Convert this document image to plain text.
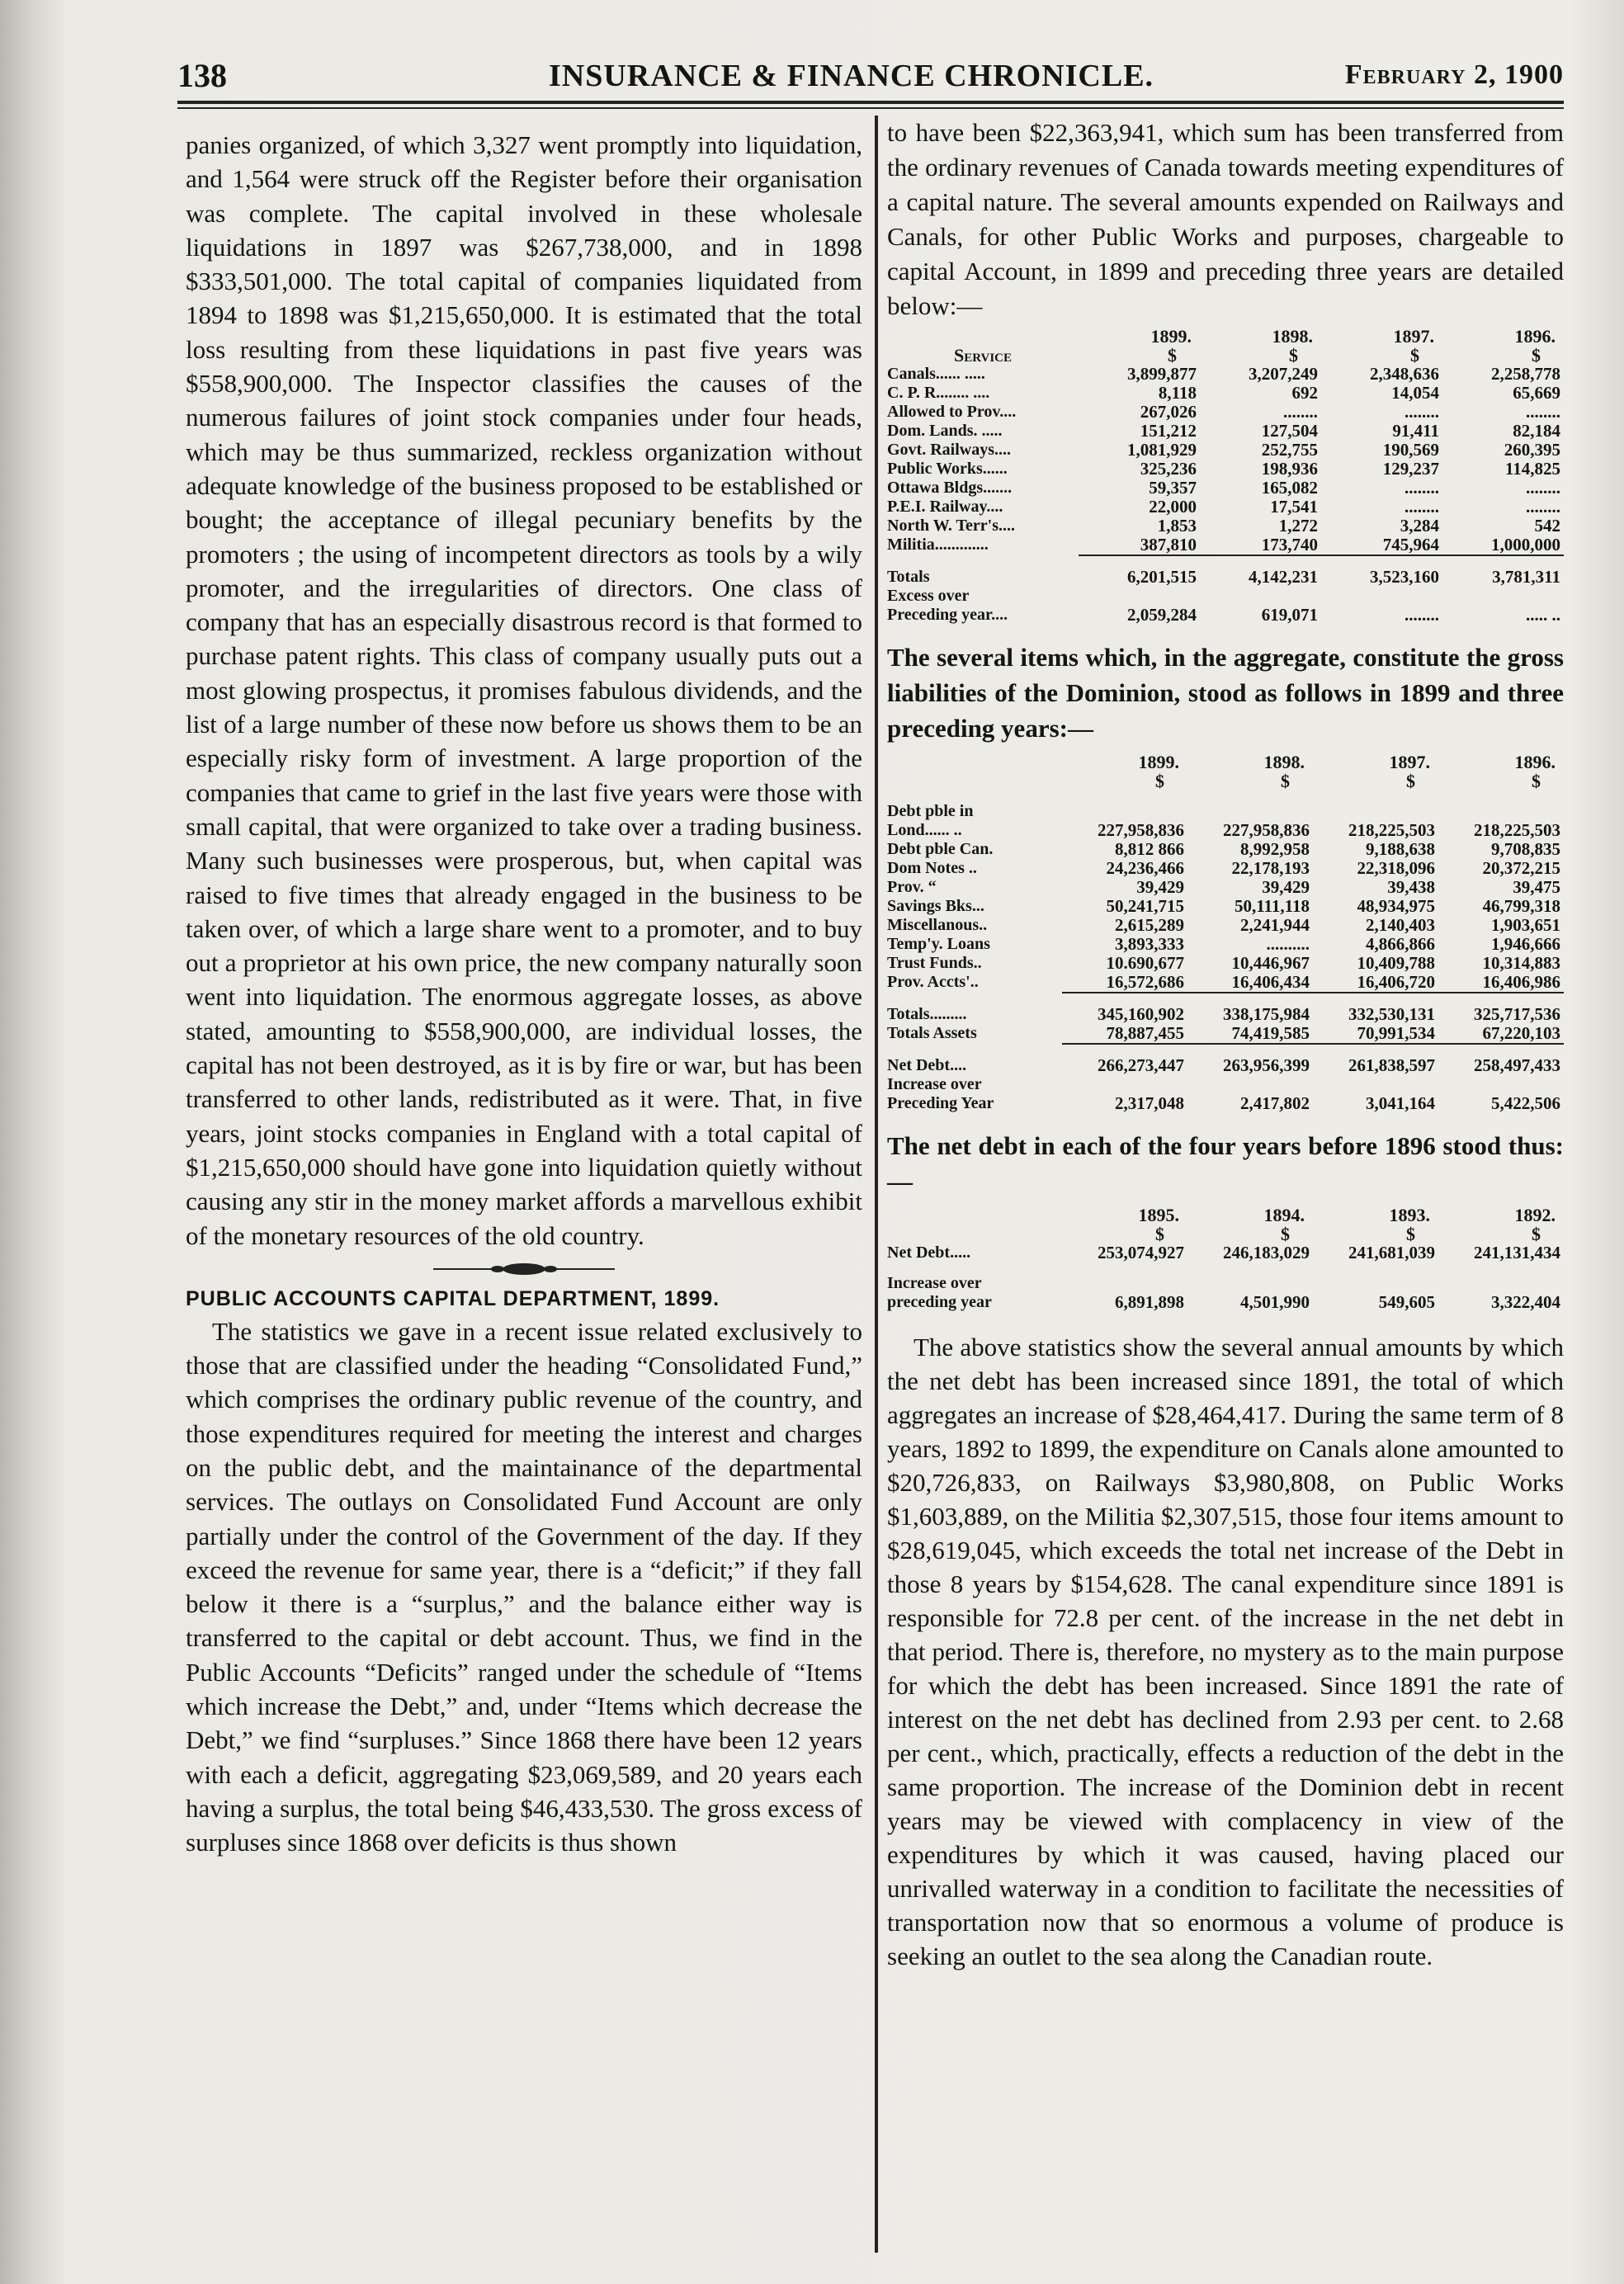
138	INSURANCE & FINANCE CHRONICLE.	February 2, 1900

panies organized, of which 3,327 went promptly into liquidation, and 1,564 were struck off the Register before their organisation was complete. The capital involved in these wholesale liquidations in 1897 was $267,738,000, and in 1898 $333,501,000. The total capital of companies liquidated from 1894 to 1898 was $1,215,650,000. It is estimated that the total loss resulting from these liquidations in past five years was $558,900,000. The Inspector classifies the causes of the numerous failures of joint stock companies under four heads, which may be thus summarized, reckless organization without adequate knowledge of the business proposed to be established or bought; the acceptance of illegal pecuniary benefits by the promoters ; the using of incompetent directors as tools by a wily promoter, and the irregularities of directors. One class of company that has an especially disastrous record is that formed to purchase patent rights. This class of company usually puts out a most glowing prospectus, it promises fabulous dividends, and the list of a large number of these now before us shows them to be an especially risky form of investment. A large proportion of the companies that came to grief in the last five years were those with small capital, that were organized to take over a trading business. Many such businesses were prosperous, but, when capital was raised to five times that already engaged in the business to be taken over, of which a large share went to a promoter, and to buy out a proprietor at his own price, the new company naturally soon went into liquidation. The enormous aggregate losses, as above stated, amounting to $558,900,000, are individual losses, the capital has not been destroyed, as it is by fire or war, but has been transferred to other lands, redistributed as it were. That, in five years, joint stocks companies in England with a total capital of $1,215,650,000 should have gone into liquidation quietly without causing any stir in the money market affords a marvellous exhibit of the monetary resources of the old country.

PUBLIC ACCOUNTS CAPITAL DEPARTMENT, 1899.

The statistics we gave in a recent issue related exclusively to those that are classified under the heading “Consolidated Fund,” which comprises the ordinary public revenue of the country, and those expenditures required for meeting the interest and charges on the public debt, and the maintainance of the departmental services. The outlays on Consolidated Fund Account are only partially under the control of the Government of the day. If they exceed the revenue for same year, there is a “deficit;” if they fall below it there is a “surplus,” and the balance either way is transferred to the capital or debt account. Thus, we find in the Public Accounts “Deficits” ranged under the schedule of “Items which increase the Debt,” and, under “Items which decrease the Debt,” we find “surpluses.” Since 1868 there have been 12 years with each a deficit, aggregating $23,069,589, and 20 years each having a surplus, the total being $46,433,530. The gross excess of surpluses since 1868 over deficits is thus shown

to have been $22,363,941, which sum has been transferred from the ordinary revenues of Canada towards meeting expenditures of a capital nature. The several amounts expended on Railways and Canals, for other Public Works and purposes, chargeable to capital Account, in 1899 and preceding three years are detailed below:—

	1899.	1898.	1897.	1896.
Service	$	$	$	$
Canals...... .....	3,899,877	3,207,249	2,348,636	2,258,778
C. P. R........ ....	8,118	692	14,054	65,669
Allowed to Prov....	267,026	........	........	........
Dom. Lands. .....	151,212	127,504	91,411	82,184
Govt. Railways....	1,081,929	252,755	190,569	260,395
Public Works......	325,236	198,936	129,237	114,825
Ottawa Bldgs.......	59,357	165,082	........	........
P.E.I. Railway....	22,000	17,541	........	........
North W. Terr's....	1,853	1,272	3,284	542
Militia.............	387,810	173,740	745,964	1,000,000

Totals	6,201,515	4,142,231	3,523,160	3,781,311
Excess over				
Preceding year....	2,059,284	619,071	........	..... ..

The several items which, in the aggregate, constitute the gross liabilities of the Dominion, stood as follows in 1899 and three preceding years:—

	1899.	1898.	1897.	1896.
	$	$	$	$

Debt pble in				
Lond...... ..	227,958,836	227,958,836	218,225,503	218,225,503
Debt pble Can.	8,812 866	8,992,958	9,188,638	9,708,835
Dom Notes ..	24,236,466	22,178,193	22,318,096	20,372,215
Prov. “	39,429	39,429	39,438	39,475
Savings Bks...	50,241,715	50,111,118	48,934,975	46,799,318
Miscellanous..	2,615,289	2,241,944	2,140,403	1,903,651
Temp'y. Loans	3,893,333	..........	4,866,866	1,946,666
Trust Funds..	10.690,677	10,446,967	10,409,788	10,314,883
Prov. Accts'..	16,572,686	16,406,434	16,406,720	16,406,986

Totals.........	345,160,902	338,175,984	332,530,131	325,717,536
Totals Assets	78,887,455	74,419,585	70,991,534	67,220,103

Net Debt....	266,273,447	263,956,399	261,838,597	258,497,433
Increase over				
Preceding Year	2,317,048	2,417,802	3,041,164	5,422,506

The net debt in each of the four years before 1896 stood thus:—

	1895.	1894.	1893.	1892.
	$	$	$	$
Net Debt.....	253,074,927	246,183,029	241,681,039	241,131,434

Increase over				
preceding year	6,891,898	4,501,990	549,605	3,322,404

The above statistics show the several annual amounts by which the net debt has been increased since 1891, the total of which aggregates an increase of $28,464,417. During the same term of 8 years, 1892 to 1899, the expenditure on Canals alone amounted to $20,726,833, on Railways $3,980,808, on Public Works $1,603,889, on the Militia $2,307,515, those four items amount to $28,619,045, which exceeds the total net increase of the Debt in those 8 years by $154,628. The canal expenditure since 1891 is responsible for 72.8 per cent. of the increase in the net debt in that period. There is, therefore, no mystery as to the main purpose for which the debt has been increased. Since 1891 the rate of interest on the net debt has declined from 2.93 per cent. to 2.68 per cent., which, practically, effects a reduction of the debt in the same proportion. The increase of the Dominion debt in recent years may be viewed with complacency in view of the expenditures by which it was caused, having placed our unrivalled waterway in a condition to facilitate the necessities of transportation now that so enormous a volume of produce is seeking an outlet to the sea along the Canadian route.
